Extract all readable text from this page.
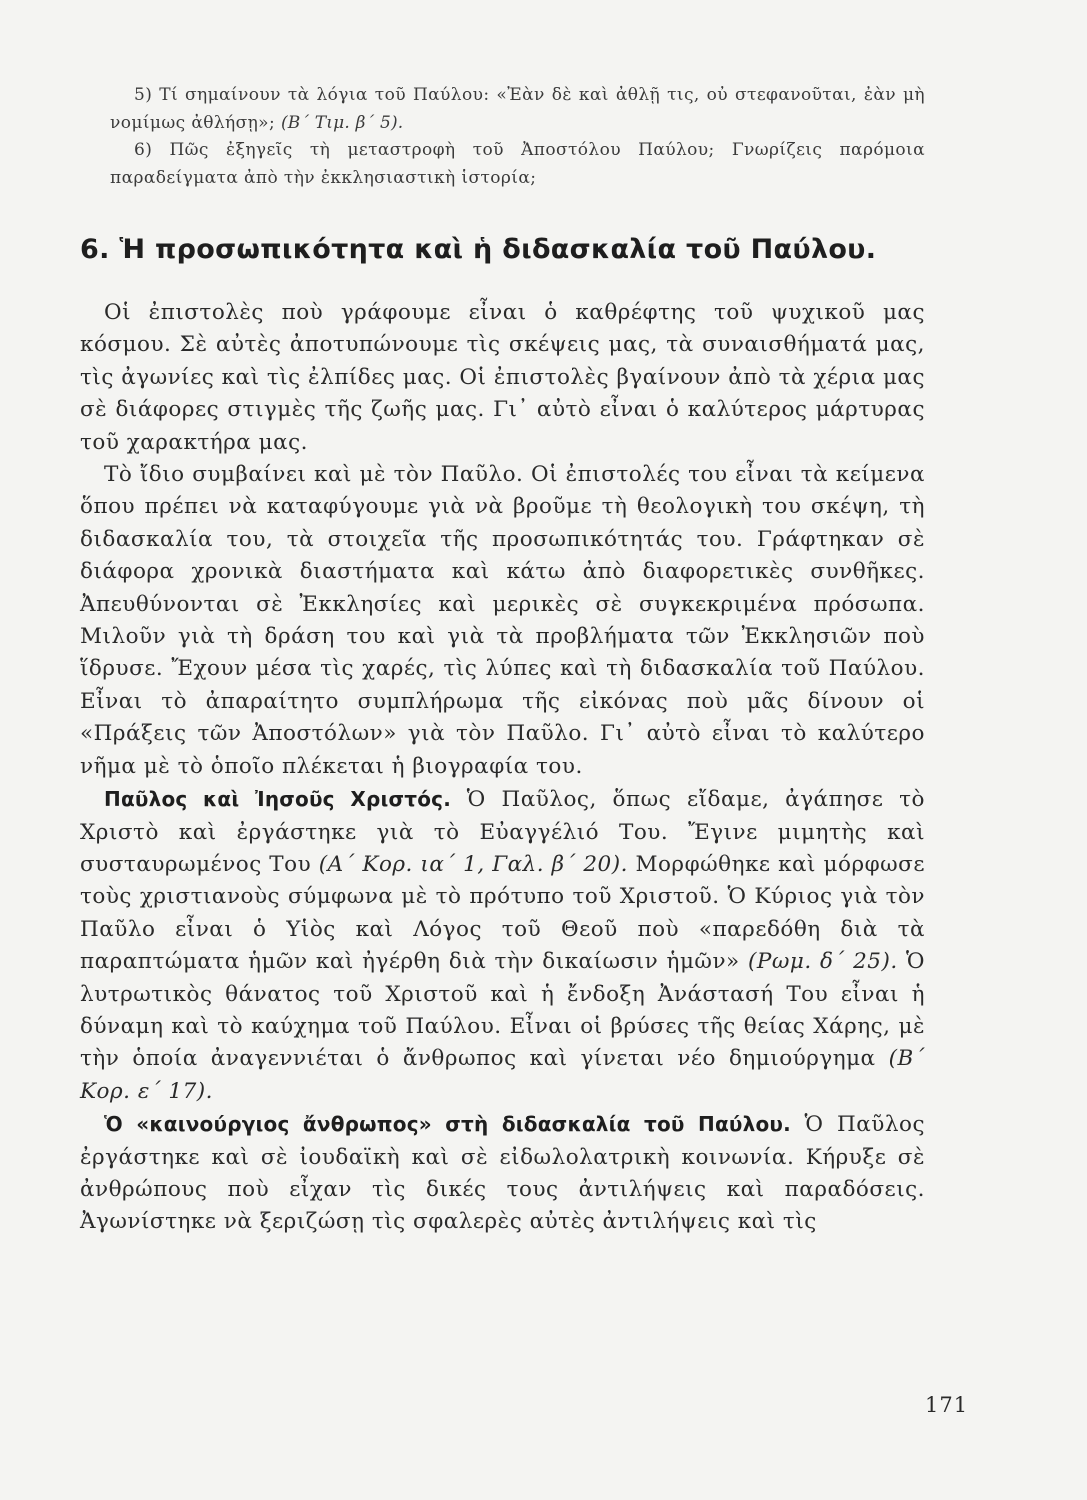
5) Τί σημαίνουν τὰ λόγια τοῦ Παύλου: «Ἐὰν δὲ καὶ ἀθλῇ τις, οὐ στεφανοῦται, ἐὰν μὴ νομίμως ἀθλήσῃ»; (Β΄ Τιμ. β΄ 5).
6) Πῶς ἐξηγεῖς τὴ μεταστροφὴ τοῦ Ἀποστόλου Παύλου; Γνωρίζεις παρόμοια παραδείγματα ἀπὸ τὴν ἐκκλησιαστικὴ ἱστορία;
6. Ἡ προσωπικότητα καὶ ἡ διδασκαλία τοῦ Παύλου.

Οἱ ἐπιστολὲς ποὺ γράφουμε εἶναι ὁ καθρέφτης τοῦ ψυχικοῦ μας κόσμου. Σὲ αὐτὲς ἀποτυπώνουμε τὶς σκέψεις μας, τὰ συναισθήματά μας, τὶς ἀγωνίες καὶ τὶς ἐλπίδες μας. Οἱ ἐπιστολὲς βγαίνουν ἀπὸ τὰ χέρια μας σὲ διάφορες στιγμὲς τῆς ζωῆς μας. Γι᾽ αὐτὸ εἶναι ὁ καλύτερος μάρτυρας τοῦ χαρακτήρα μας.

Τὸ ἴδιο συμβαίνει καὶ μὲ τὸν Παῦλο. Οἱ ἐπιστολές του εἶναι τὰ κείμενα ὅπου πρέπει νὰ καταφύγουμε γιὰ νὰ βροῦμε τὴ θεολογικὴ του σκέψη, τὴ διδασκαλία του, τὰ στοιχεῖα τῆς προσωπικότητάς του. Γράφτηκαν σὲ διάφορα χρονικὰ διαστήματα καὶ κάτω ἀπὸ διαφορετικὲς συνθῆκες. Ἀπευθύνονται σὲ Ἐκκλησίες καὶ μερικὲς σὲ συγκεκριμένα πρόσωπα. Μιλοῦν γιὰ τὴ δράση του καὶ γιὰ τὰ προβλήματα τῶν Ἐκκλησιῶν ποὺ ἵδρυσε. Ἔχουν μέσα τὶς χαρές, τὶς λύπες καὶ τὴ διδασκαλία τοῦ Παύλου. Εἶναι τὸ ἀπαραίτητο συμπλήρωμα τῆς εἰκόνας ποὺ μᾶς δίνουν οἱ «Πράξεις τῶν Ἀποστόλων» γιὰ τὸν Παῦλο. Γι᾽ αὐτὸ εἶναι τὸ καλύτερο νῆμα μὲ τὸ ὁποῖο πλέκεται ἡ βιογραφία του.

Παῦλος καὶ Ἰησοῦς Χριστός. Ὁ Παῦλος, ὅπως εἴδαμε, ἀγάπησε τὸ Χριστὸ καὶ ἐργάστηκε γιὰ τὸ Εὐαγγέλιό Του. Ἔγινε μιμητὴς καὶ συσταυρωμένος Του (Α΄ Κορ. ια΄ 1, Γαλ. β΄ 20). Μορφώθηκε καὶ μόρφωσε τοὺς χριστιανοὺς σύμφωνα μὲ τὸ πρότυπο τοῦ Χριστοῦ. Ὁ Κύριος γιὰ τὸν Παῦλο εἶναι ὁ Υἱὸς καὶ Λόγος τοῦ Θεοῦ ποὺ «παρεδόθη διὰ τὰ παραπτώματα ἡμῶν καὶ ἠγέρθη διὰ τὴν δικαίωσιν ἡμῶν» (Ρωμ. δ΄ 25). Ὁ λυτρωτικὸς θάνατος τοῦ Χριστοῦ καὶ ἡ ἔνδοξη Ἀνάστασή Του εἶναι ἡ δύναμη καὶ τὸ καύχημα τοῦ Παύλου. Εἶναι οἱ βρύσες τῆς θείας Χάρης, μὲ τὴν ὁποία ἀναγεννιέται ὁ ἄνθρωπος καὶ γίνεται νέο δημιούργημα (Β΄ Κορ. ε΄ 17).

Ὁ «καινούργιος ἄνθρωπος» στὴ διδασκαλία τοῦ Παύλου. Ὁ Παῦλος ἐργάστηκε καὶ σὲ ἰουδαϊκὴ καὶ σὲ εἰδωλολατρικὴ κοινωνία. Κήρυξε σὲ ἀνθρώπους ποὺ εἶχαν τὶς δικές τους ἀντιλήψεις καὶ παραδόσεις. Ἀγωνίστηκε νὰ ξεριζώσῃ τὶς σφαλερὲς αὐτὲς ἀντιλήψεις καὶ τὶς

171
